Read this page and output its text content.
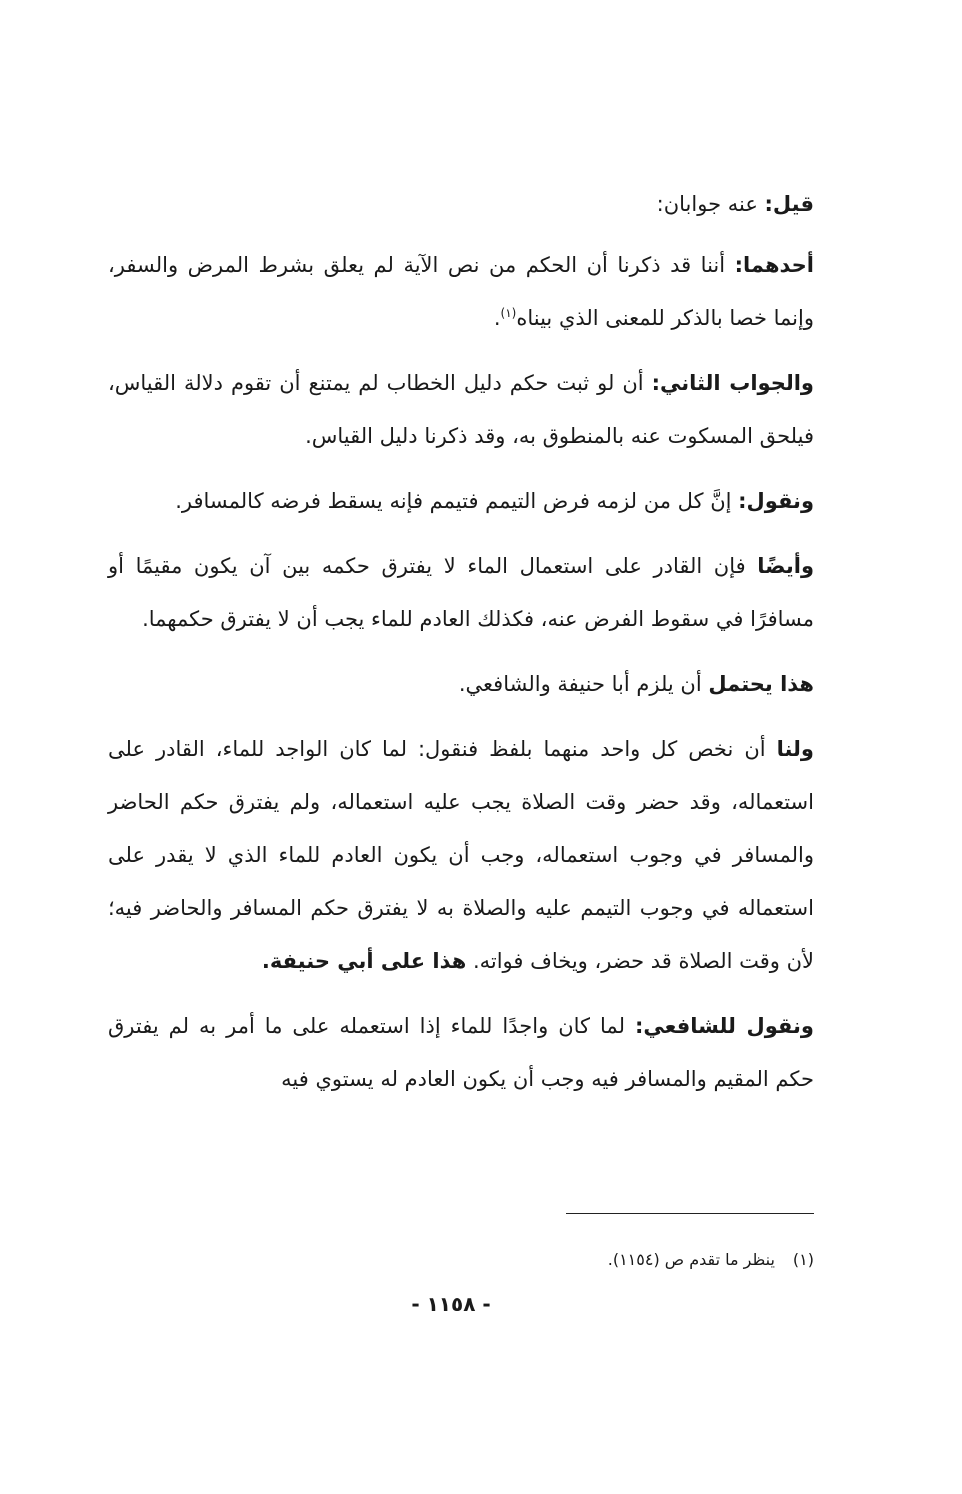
قيل: عنه جوابان:

أحدهما: أننا قد ذكرنا أن الحكم من نص الآية لم يعلق بشرط المرض والسفر، وإنما خصا بالذكر للمعنى الذي بيناه$^{(١)}$.

والجواب الثاني: أن لو ثبت حكم دليل الخطاب لم يمتنع أن تقوم دلالة القياس، فيلحق المسكوت عنه بالمنطوق به، وقد ذكرنا دليل القياس.

ونقول: إنَّ كل من لزمه فرض التيمم فتيمم فإنه يسقط فرضه كالمسافر.

وأيضًا فإن القادر على استعمال الماء لا يفترق حكمه بين آن يكون مقيمًا أو مسافرًا في سقوط الفرض عنه، فكذلك العادم للماء يجب أن لا يفترق حكمهما.

هذا يحتمل أن يلزم أبا حنيفة والشافعي.

ولنا أن نخص كل واحد منهما بلفظ فنقول: لما كان الواجد للماء، القادر على استعماله، وقد حضر وقت الصلاة يجب عليه استعماله، ولم يفترق حكم الحاضر والمسافر في وجوب استعماله، وجب أن يكون العادم للماء الذي لا يقدر على استعماله في وجوب التيمم عليه والصلاة به لا يفترق حكم المسافر والحاضر فيه؛ لأن وقت الصلاة قد حضر، ويخاف فواته. هذا على أبي حنيفة.

ونقول للشافعي: لما كان واجدًا للماء إذا استعمله على ما أمر به لم يفترق حكم المقيم والمسافر فيه وجب أن يكون العادم له يستوي فيه

(١)ينظر ما تقدم ص (١١٥٤).
- ١١٥٨ -
